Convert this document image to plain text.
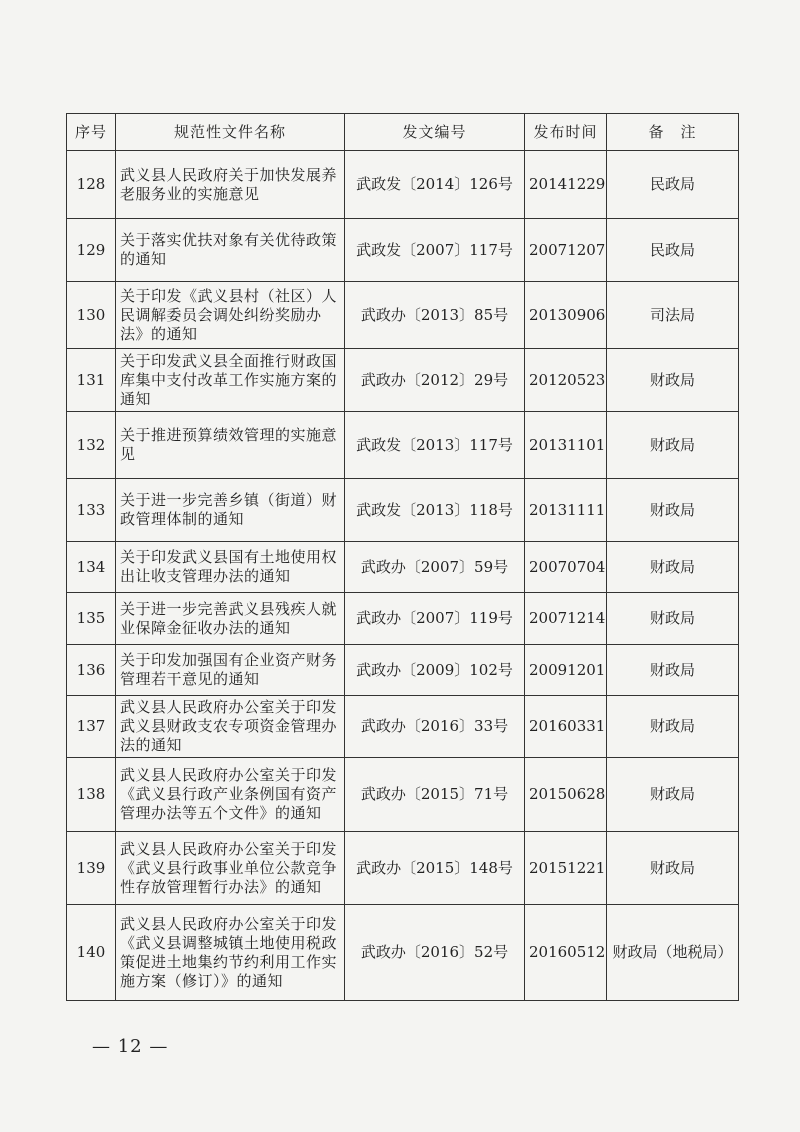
序号	规范性文件名称	发文编号	发布时间	备　注
128	武义县人民政府关于加快发展养老服务业的实施意见	武政发〔2014〕126号	20141229	民政局
129	关于落实优扶对象有关优待政策的通知	武政发〔2007〕117号	20071207	民政局
130	关于印发《武义县村（社区）人民调解委员会调处纠纷奖励办法》的通知	武政办〔2013〕85号	20130906	司法局
131	关于印发武义县全面推行财政国库集中支付改革工作实施方案的通知	武政办〔2012〕29号	20120523	财政局
132	关于推进预算绩效管理的实施意见	武政发〔2013〕117号	20131101	财政局
133	关于进一步完善乡镇（街道）财政管理体制的通知	武政发〔2013〕118号	20131111	财政局
134	关于印发武义县国有土地使用权出让收支管理办法的通知	武政办〔2007〕59号	20070704	财政局
135	关于进一步完善武义县残疾人就业保障金征收办法的通知	武政办〔2007〕119号	20071214	财政局
136	关于印发加强国有企业资产财务管理若干意见的通知	武政办〔2009〕102号	20091201	财政局
137	武义县人民政府办公室关于印发武义县财政支农专项资金管理办法的通知	武政办〔2016〕33号	20160331	财政局
138	武义县人民政府办公室关于印发《武义县行政产业条例国有资产管理办法等五个文件》的通知	武政办〔2015〕71号	20150628	财政局
139	武义县人民政府办公室关于印发《武义县行政事业单位公款竞争性存放管理暂行办法》的通知	武政办〔2015〕148号	20151221	财政局
140	武义县人民政府办公室关于印发《武义县调整城镇土地使用税政策促进土地集约节约利用工作实施方案（修订）》的通知	武政办〔2016〕52号	20160512	财政局（地税局）
— 12 —
